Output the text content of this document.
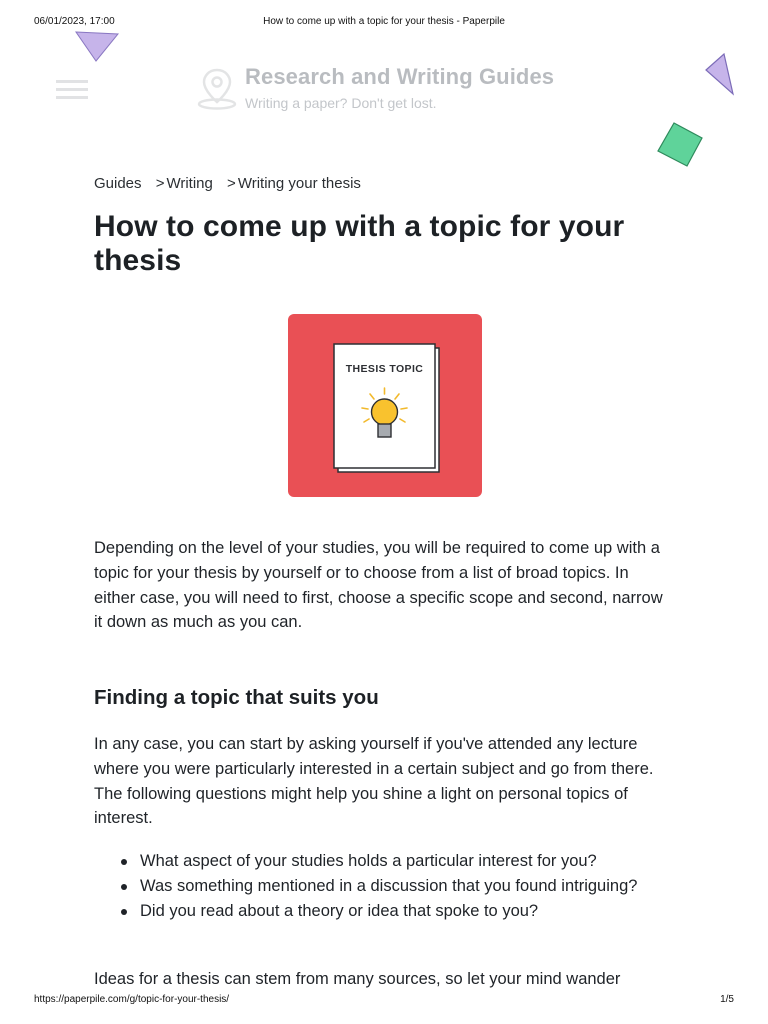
06/01/2023, 17:00	How to come up with a topic for your thesis - Paperpile
Research and Writing Guides
Writing a paper? Don't get lost.
Guides > Writing > Writing your thesis
How to come up with a topic for your thesis
THESIS TOPIC

Depending on the level of your studies, you will be required to come up with a topic for your thesis by yourself or to choose from a list of broad topics. In either case, you will need to first, choose a specific scope and second, narrow it down as much as you can.

Finding a topic that suits you

In any case, you can start by asking yourself if you've attended any lecture where you were particularly interested in a certain subject and go from there. The following questions might help you shine a light on personal topics of interest.

What aspect of your studies holds a particular interest for you?
Was something mentioned in a discussion that you found intriguing?
Did you read about a theory or idea that spoke to you?

Ideas for a thesis can stem from many sources, so let your mind wander

https://paperpile.com/g/topic-for-your-thesis/	1/5
